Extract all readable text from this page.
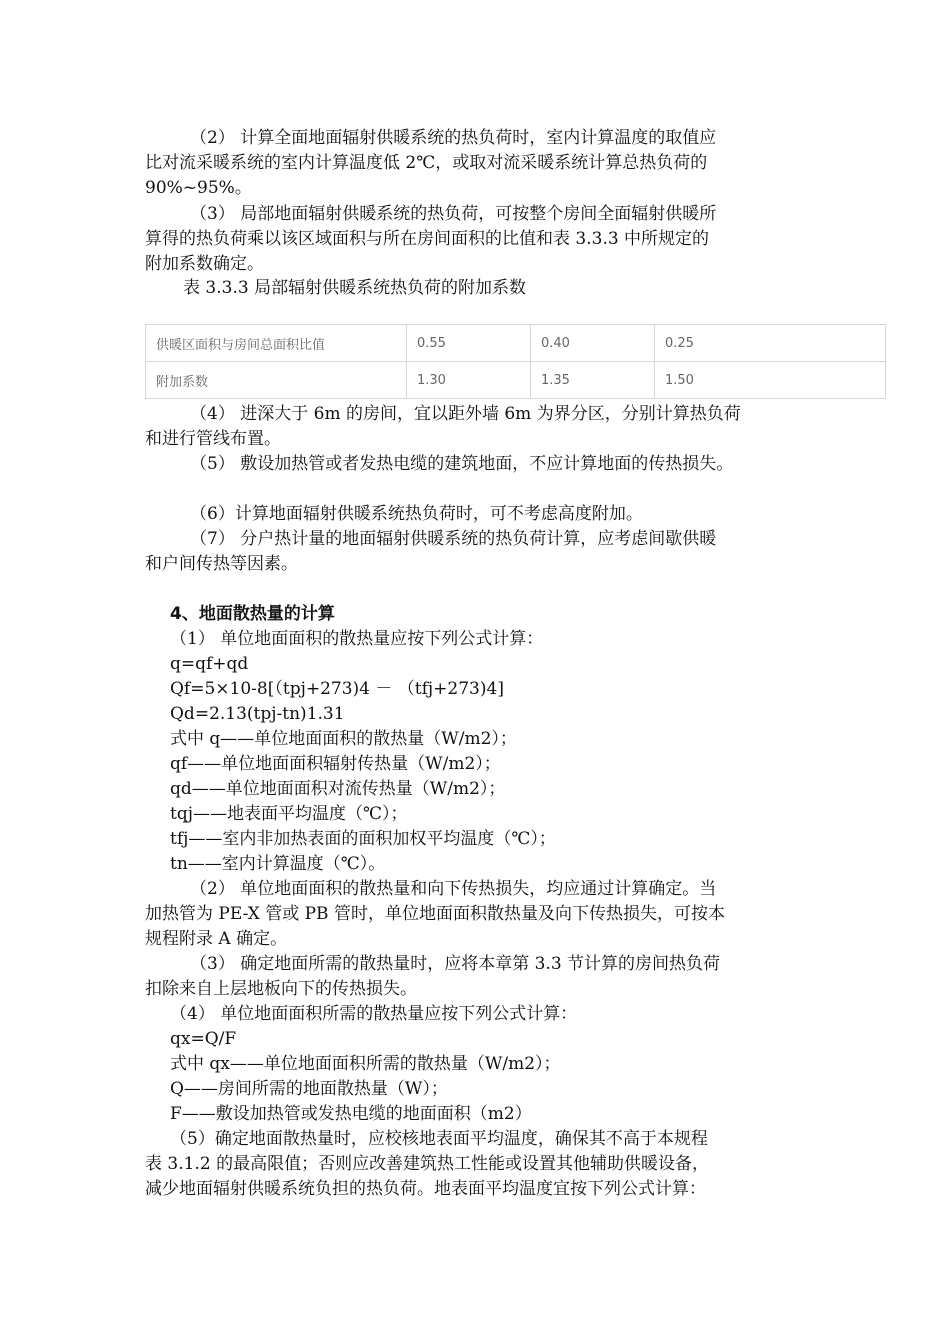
（2） 计算全面地面辐射供暖系统的热负荷时，室内计算温度的取值应
比对流采暖系统的室内计算温度低 2℃，或取对流采暖系统计算总热负荷的
90%~95%。
（3） 局部地面辐射供暖系统的热负荷，可按整个房间全面辐射供暖所
算得的热负荷乘以该区域面积与所在房间面积的比值和表 3.3.3 中所规定的
附加系数确定。
表 3.3.3 局部辐射供暖系统热负荷的附加系数
供暖区面积与房间总面积比值	0.55	0.40	0.25
附加系数	1.30	1.35	1.50
（4） 进深大于 6m 的房间，宜以距外墙 6m 为界分区，分别计算热负荷
和进行管线布置。
（5） 敷设加热管或者发热电缆的建筑地面，不应计算地面的传热损失。
（6）计算地面辐射供暖系统热负荷时，可不考虑高度附加。
（7） 分户热计量的地面辐射供暖系统的热负荷计算，应考虑间歇供暖
和户间传热等因素。
4、地面散热量的计算
（1） 单位地面面积的散热量应按下列公式计算：
q=qf+qd
Qf=5×10-8[（tpj+273)4 － （tfj+273)4]
Qd=2.13(tpj-tn)1.31
式中 q——单位地面面积的散热量（W/m2）；
qf——单位地面面积辐射传热量（W/m2）；
qd——单位地面面积对流传热量（W/m2）；
tqj——地表面平均温度（℃）；
tfj——室内非加热表面的面积加权平均温度（℃）；
tn——室内计算温度（℃）。
（2） 单位地面面积的散热量和向下传热损失，均应通过计算确定。当
加热管为 PE-X 管或 PB 管时，单位地面面积散热量及向下传热损失，可按本
规程附录 A 确定。
（3） 确定地面所需的散热量时，应将本章第 3.3 节计算的房间热负荷
扣除来自上层地板向下的传热损失。
（4） 单位地面面积所需的散热量应按下列公式计算：
qx=Q/F
式中 qx——单位地面面积所需的散热量（W/m2）；
Q——房间所需的地面散热量（W）；
F——敷设加热管或发热电缆的地面面积（m2）
（5）确定地面散热量时，应校核地表面平均温度，确保其不高于本规程
表 3.1.2 的最高限值；否则应改善建筑热工性能或设置其他辅助供暖设备，
减少地面辐射供暖系统负担的热负荷。地表面平均温度宜按下列公式计算：
